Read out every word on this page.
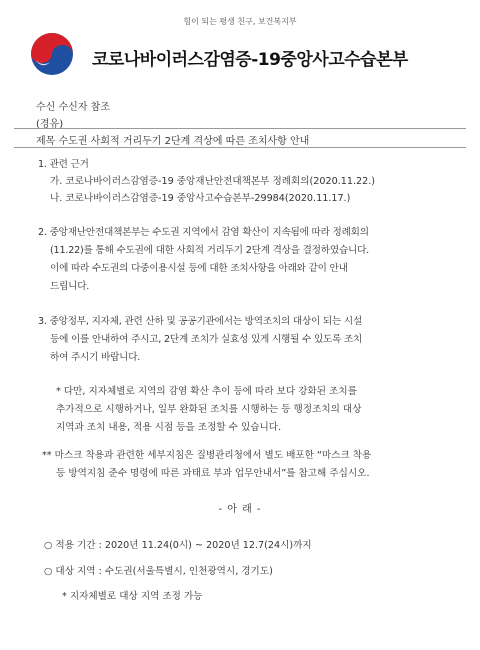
힘이 되는 평생 친구, 보건복지부
코로나바이러스감염증-19중앙사고수습본부
수신 수신자 참조
(경유)
제목 수도권 사회적 거리두기 2단계 격상에 따른 조치사항 안내
1. 관련 근거
가. 코로나바이러스감염증-19 중앙재난안전대책본부 정례회의(2020.11.22.)
나. 코로나바이러스감염증-19 중앙사고수습본부-29984(2020.11.17.)
2. 중앙재난안전대책본부는 수도권 지역에서 감염 확산이 지속됨에 따라 정례회의
(11.22)를 통해 수도권에 대한 사회적 거리두기 2단계 격상을 결정하였습니다.
이에 따라 수도권의 다중이용시설 등에 대한 조치사항을 아래와 같이 안내
드립니다.
3. 중앙정부, 지자체, 관련 산하 및 공공기관에서는 방역조치의 대상이 되는 시설
등에 이를 안내하여 주시고, 2단계 조치가 실효성 있게 시행될 수 있도록 조치
하여 주시기 바랍니다.
* 다만, 지자체별로 지역의 감염 확산 추이 등에 따라 보다 강화된 조치를
추가적으로 시행하거나, 일부 완화된 조치를 시행하는 등 행정조치의 대상
지역과 조치 내용, 적용 시점 등을 조정할 수 있습니다.
** 마스크 착용과 관련한 세부지침은 질병관리청에서 별도 배포한 “마스크 착용
등 방역지침 준수 명령에 따른 과태료 부과 업무안내서”를 참고해 주십시오.
- 아 래 -
○ 적용 기간 : 2020년 11.24(0시) ~ 2020년 12.7(24시)까지
○ 대상 지역 : 수도권(서울특별시, 인천광역시, 경기도)
* 지자체별로 대상 지역 조정 가능
